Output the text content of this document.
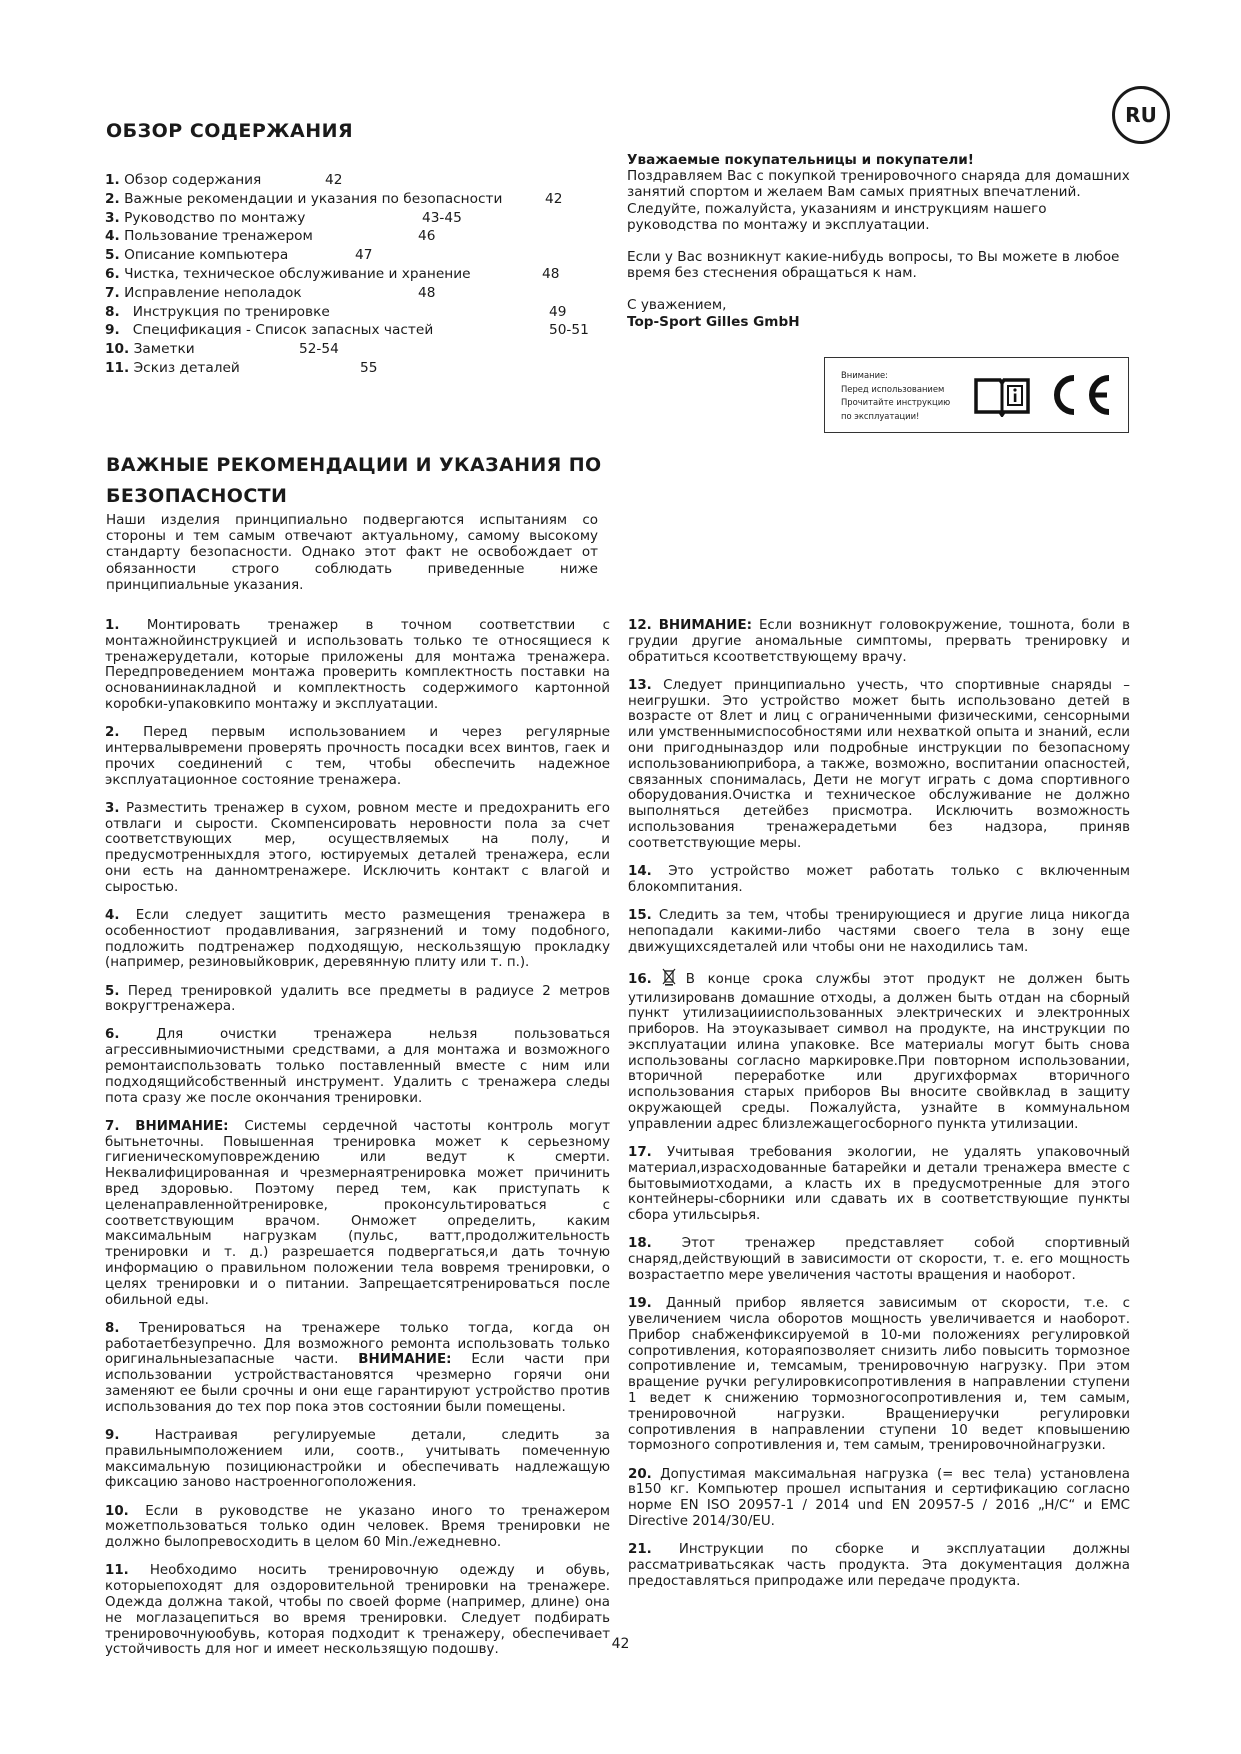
RU
ОБЗОР СОДЕРЖАНИЯ
1. Обзор содержания	42
2. Важные рекомендации и указания по безопасности	42
3. Руководство по монтажу	43-45
4. Пользование тренажером	46
5. Описание компьютера	47
6. Чистка, техническое обслуживание и хранение	48
7. Исправление неполадок	48
8. Инструкция по тренировке	49
9. Спецификация - Список запасных частей	50-51
10. Заметки	52-54
11. Эскиз деталей	55

Уважаемые покупательницы и покупатели!

Поздравляем Вас с покупкой тренировочного снаряда для домашних занятий спортом и желаем Вам самых приятных впечатлений. Следуйте, пожалуйста, указаниям и инструкциям нашего руководства по монтажу и эксплуатации.

Если у Вас возникнут какие-нибудь вопросы, то Вы можете в любое время без стеснения обращаться к нам.

С уважением,

Top-Sport Gilles GmbH

Внимание:
Перед использованием
Прочитайте инструкцию
по эксплуатации!
ВАЖНЫЕ РЕКОМЕНДАЦИИ И УКАЗАНИЯ ПО БЕЗОПАСНОСТИ

Наши изделия принципиально подвергаются испытаниям со стороны и тем самым отвечают актуальному, самому высокому стандарту безопасности. Однако этот факт не освобождает от обязанности строго соблюдать приведенные ниже принципиальные указания.

1. Монтировать тренажер в точном соответствии с монтажнойинструкцией и использовать только те относящиеся к тренажерудетали, которые приложены для монтажа тренажера. Передпроведением монтажа проверить комплектность поставки на основаниинакладной и комплектность содержимого картонной коробки-упаковкипо монтажу и эксплуатации.

2. Перед первым использованием и через регулярные интервалывремени проверять прочность посадки всех винтов, гаек и прочих соединений с тем, чтобы обеспечить надежное эксплуатационное состояние тренажера.

3. Разместить тренажер в сухом, ровном месте и предохранить его отвлаги и сырости. Скомпенсировать неровности пола за счет соответствующих мер, осуществляемых на полу, и предусмотренныхдля этого, юстируемых деталей тренажера, если они есть на данномтренажере. Исключить контакт с влагой и сыростью.

4. Если следует защитить место размещения тренажера в особенностиот продавливания, загрязнений и тому подобного, подложить подтренажер подходящую, нескользящую прокладку (например, резиновыйковрик, деревянную плиту или т. п.).

5. Перед тренировкой удалить все предметы в радиусе 2 метров вокругтренажера.

6.	Для очистки тренажера нельзя пользоваться агрессивнымиочистными средствами, а для монтажа и возможного ремонтаиспользовать только поставленный вместе с ним или подходящийсобственный инструмент. Удалить с тренажера следы пота сразу же после окончания тренировки.

7. ВНИМАНИЕ: Системы сердечной частоты контроль могут бытьнеточны. Повышенная тренировка может к серьезному гигиеническомуповреждению или ведут к смерти. Неквалифицированная и чрезмернаятренировка может причинить вред здоровью. Поэтому перед тем, как приступать к целенаправленнойтренировке, проконсультироваться с соответствующим врачом. Онможет определить, каким максимальным нагрузкам (пульс, ватт,продолжительность тренировки и т. д.) разрешается подвергаться,и дать точную информацию о правильном положении тела вовремя тренировки, о целях тренировки и о питании. Запрещаетсятренироваться после обильной еды.

8. Тренироваться на тренажере только тогда, когда он работаетбезупречно. Для возможного ремонта использовать только оригинальныезапасные части. ВНИМАНИЕ: Если части при использовании устройствастановятся чрезмерно горячи они заменяют ее были срочны и они еще гарантируют устройство против использования до тех пор пока этов состоянии были помещены.

9.	Настраивая регулируемые детали, следить за правильнымположением или, соотв., учитывать помеченную максимальную позициюнастройки и обеспечивать надлежащую фиксацию заново настроенногоположения.

10. Если в руководстве не указано иного то тренажером можетпользоваться только один человек. Время тренировки не должно былопревосходить в целом 60 Min./ежедневно.

11. Необходимо носить тренировочную одежду и обувь, которыепоходят для оздоровительной тренировки на тренажере. Одежда должна такой, чтобы по своей форме (например, длине) она не моглазацепиться во время тренировки. Следует подбирать тренировочнуюобувь, которая подходит к тренажеру, обеспечивает устойчивость для ног и имеет нескользящую подошву.

12. ВНИМАНИЕ: Если возникнут головокружение, тошнота, боли в грудии другие аномальные симптомы, прервать тренировку и обратиться ксоответствующему врачу.

13. Следует принципиально учесть, что спортивные снаряды – неигрушки. Это устройство может быть использовано детей в возрасте от 8лет и лиц с ограниченными физическими, сенсорными или умственнымиспособностями или нехваткой опыта и знаний, если они пригодныназдор или подробные инструкции по безопасному использованиюприбора, а также, возможно, воспитании опасностей, связанных спонималась, Дети не могут играть с дома спортивного оборудования.Очистка и техническое обслуживание не должно выполняться детейбез присмотра. Исключить возможность использования тренажерадетьми без надзора, приняв соответствующие меры.

14. Это устройство может работать только с включенным блокомпитания.

15. Следить за тем, чтобы тренирующиеся и другие лица никогда непопадали какими-либо частями своего тела в зону еще движущихсядеталей или чтобы они не находились там.

16.	В конце срока службы этот продукт не должен быть утилизированв домашние отходы, а должен быть отдан на сборный пункт утилизациииспользованных электрических и электронных приборов. На этоуказывает символ на продукте, на инструкции по эксплуатации илина упаковке. Все материалы могут быть снова использованы согласно маркировке.При повторном использовании, вторичной переработке или другихформах вторичного использования старых приборов Вы вносите свойвклад в защиту окружающей среды. Пожалуйста, узнайте в коммунальном управлении адрес близлежащегосборного пункта утилизации.

17. Учитывая требования экологии, не удалять упаковочный материал,израсходованные батарейки и детали тренажера вместе с бытовымиотходами, а класть их в предусмотренные для этого контейнеры-сборники или сдавать их в соответствующие пункты сбора утильсырья.

18. Этот тренажер представляет собой спортивный снаряд,действующий в зависимости от скорости, т. е. его мощность возрастаетпо мере увеличения частоты вращения и наоборот.

19. Данный прибор является зависимым от скорости, т.е. с увеличением числа оборотов мощность увеличивается и наоборот. Прибор снабженфиксируемой в 10-ми положениях регулировкой сопротивления, котораяпозволяет снизить либо повысить тормозное сопротивление и, темсамым, тренировочную нагрузку. При этом вращение ручки регулировкисопротивления в направлении ступени 1 ведет к снижению тормозногосопротивления и, тем самым, тренировочной нагрузки. Вращениеручки регулировки сопротивления в направлении ступени 10 ведет кповышению тормозного сопротивления и, тем самым, тренировочнойнагрузки.

20. Допустимая максимальная нагрузка (= вес тела) установлена в150 кг. Компьютер прошел испытания и сертификацию согласно норме EN ISO 20957-1 / 2014 und EN 20957-5 / 2016 „H/C“ и EMC Directive 2014/30/EU.

21. Инструкции по сборке и эксплуатации должны рассматриватьсякак часть продукта. Эта документация должна предоставляться припродаже или передаче продукта.

42
